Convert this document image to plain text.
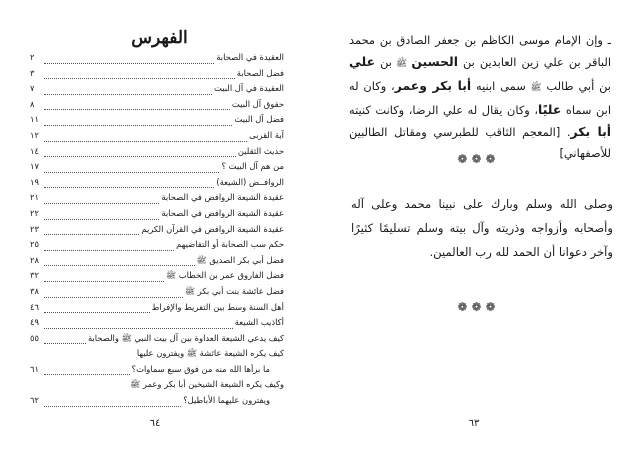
الفهرس
العقيدة في الصحابة
٢
فضل الصحابة
٣
العقيدة في آل البيت
٧
حقوق آل البيت
٨
فضل آل البيت
١١
آية القربى
١٢
حديث الثقلين
١٤
من هم آل البيت ؟
١٧
الروافــض (الشيعة)
١٩
عقيدة الشيعة الروافض في الصحابة
٢١
عقيدة الشيعة الروافض في الصحابة
٢٢
عقيدة الشيعة الروافض في القرآن الكريم
٢٣
حكم سب الصحابة أو التفاضيهم
٢٥
فضل أبي بكر الصديق ﷺ
٢٨
فضل الفاروق عمر بن الخطاب ﷺ
٣٢
فضل عائشة بنت أبي بكر ﷺ
٣٨
أهل السنة وسط بين التفريط والإفراط
٤٦
أكاذيب الشيعة
٤٩
كيف يدعي الشيعة العداوة بين آل بيت النبي ﷺ والصحابة
٥٥
كيف يكره الشيعة عائشة ﷺ ويفترون عليها
ما برأها الله منه من فوق سبع سماوات؟
٦١
وكيف يكره الشيعة الشيخين أبا بكر وعمر ﷺ
ويفترون عليهما الأباطيل؟
٦٢
٦٤

ـ وإن الإمام موسى الكاظم بن جعفر الصادق بن محمد الباقر بن علي زين العابدين بن الحسين ﷺ بن علي بن أبي طالب ﷺ سمى ابنيه أبا بكر وعمر، وكان له ابن سماه عليًا، وكان يقال له علي الرضا، وكانت كنيته أبا بكر. [المعجم الثاقب للطبرسي ومقاتل الطالبين للأصفهاني]

❁❁❁

وصلى الله وسلم وبارك على نبينا محمد وعلى آله وأصحابه وأزواجه وذريته وآل بيته وسلم تسليمًا كثيرًا وآخر دعوانا أن الحمد لله رب العالمين.

❁❁❁
٦٣
